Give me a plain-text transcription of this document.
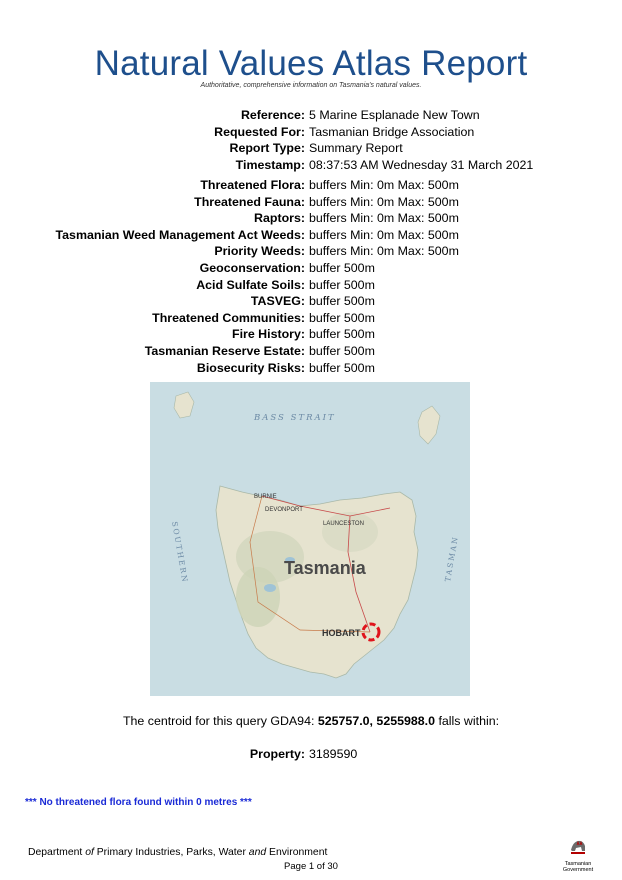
Natural Values Atlas Report
Authoritative, comprehensive information on Tasmania's natural values.
Reference: 5 Marine Esplanade New Town
Requested For: Tasmanian Bridge Association
Report Type: Summary Report
Timestamp: 08:37:53 AM Wednesday 31 March 2021
Threatened Flora: buffers Min: 0m Max: 500m
Threatened Fauna: buffers Min: 0m Max: 500m
Raptors: buffers Min: 0m Max: 500m
Tasmanian Weed Management Act Weeds: buffers Min: 0m Max: 500m
Priority Weeds: buffers Min: 0m Max: 500m
Geoconservation: buffer 500m
Acid Sulfate Soils: buffer 500m
TASVEG: buffer 500m
Threatened Communities: buffer 500m
Fire History: buffer 500m
Tasmanian Reserve Estate: buffer 500m
Biosecurity Risks: buffer 500m
BASS STRAIT
BURNIE
DEVONPORT
LAUNCESTON
Tasmania
HOBART
SOUTHERN	TASMAN
The centroid for this query GDA94: 525757.0, 5255988.0 falls within:
Property: 3189590
*** No threatened flora found within 0 metres ***
Department of Primary Industries, Parks, Water and Environment
Page 1 of 30	Tasmanian
Government
